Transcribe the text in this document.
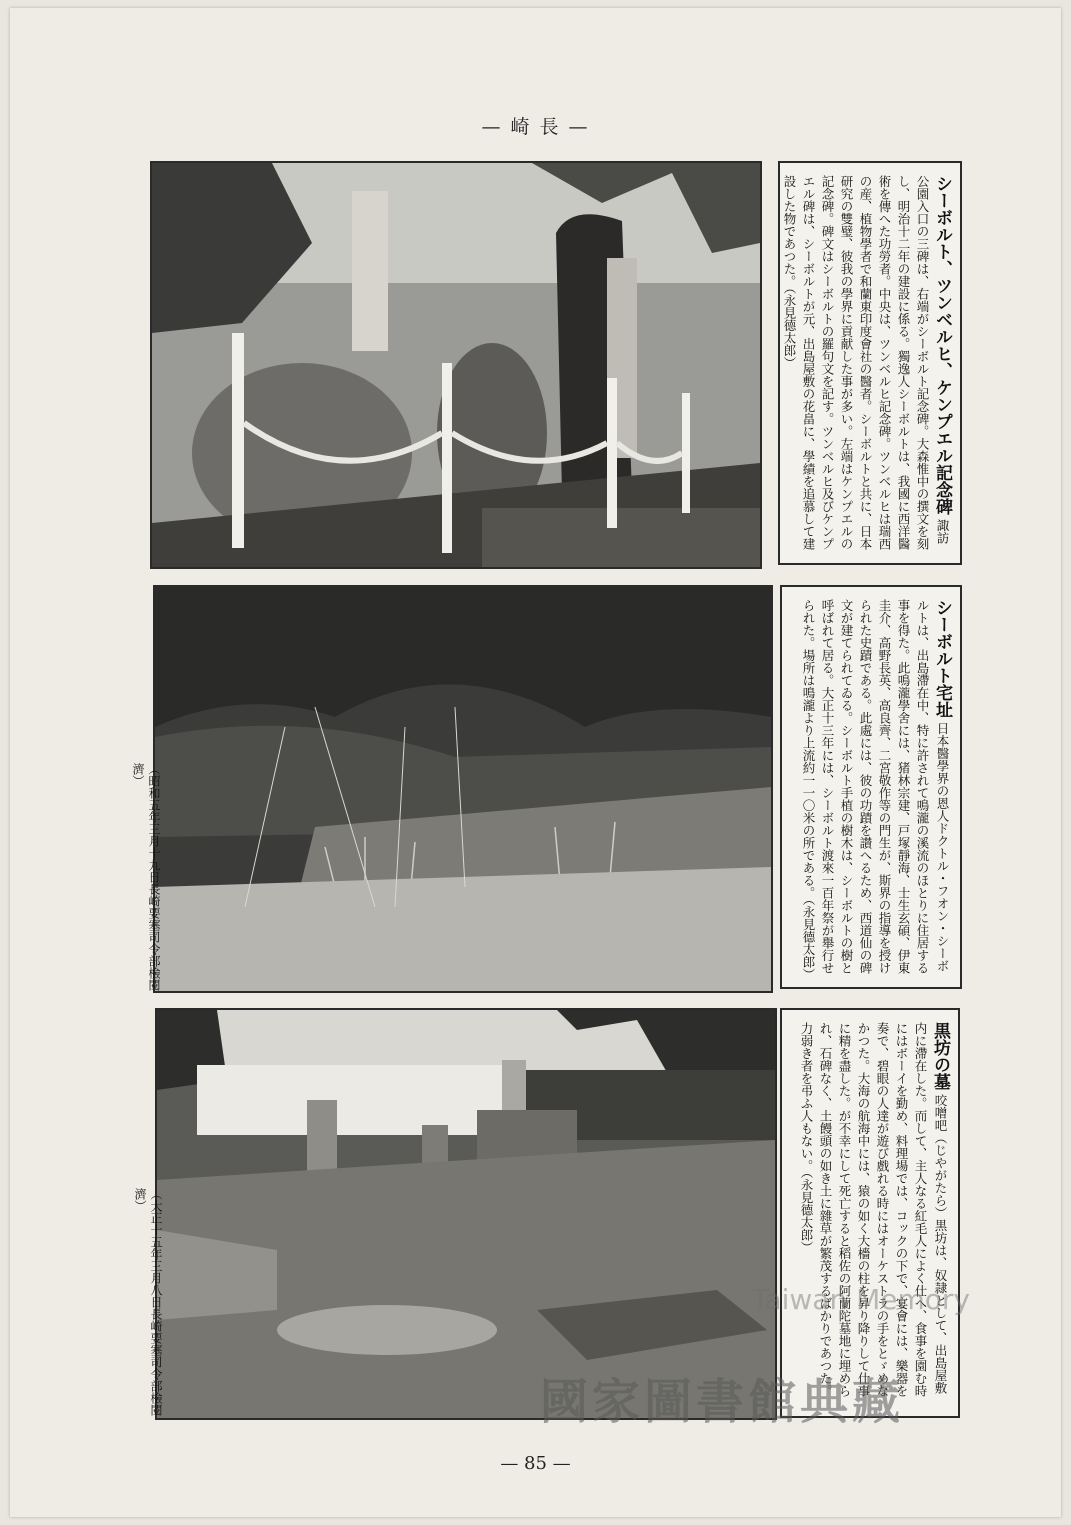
— 崎 長 —
シーボルト、ツンベルヒ、ケンプエル記念碑 諏訪公園入口の三碑は、右端がシーボルト記念碑。大森惟中の撰文を刻し、明治十二年の建設に係る。獨逸人シーボルトは、我國に西洋醫術を傳へた功勞者。中央は、ツンベルヒ記念碑。ツンベルヒは瑞西の産、植物學者で和蘭東印度會社の醫者。シーボルトと共に、日本研究の雙璧、彼我の學界に貢献した事が多い。左端はケンプエルの記念碑。碑文はシーボルトの羅句文を記す。ツンベルヒ及びケンプエル碑は、シーボルトが元、出島屋敷の花畠に、學績を追慕して建設した物であつた。（永見德太郎）
シーボルト宅址 日本醫學界の恩人ドクトル・フオン・シーボルトは、出島滯在中、特に許されて鳴瀧の溪流のほとりに住居する事を得た。此鳴瀧學舍には、猪林宗建、戸塚靜海、士生玄碩、伊東圭介、高野長英、高良齊、二宮敬作等の門生が、斯界の指導を授けられた史蹟である。此處には、彼の功蹟を讃へるため、西道仙の碑文が建てられてゐる。シーボルト手植の樹木は、シーボルトの樹と呼ばれて居る。大正十三年には、シーボルト渡來一百年祭が舉行せられた。場所は鳴瀧より上流約一一〇米の所である。（永見德太郎）
黒坊の墓 咬噌吧（じやがたら）黒坊は、奴隷として、出島屋敷内に滯在した。而して、主人なる紅毛人によく仕へ、食事を園む時にはボーイを勤め、料理場では、コックの下で、宴會には、樂器を奏で、碧眼の人達が遊び戲れる時にはオーケストラの手をとゞめなかつた。大海の航海中には、猿の如く大檣の柱を昇り降りして仕事に精を盡した。が不幸にして死亡すると稻佐の阿蘭陀墓地に埋められ、石碑なく、土饅頭の如き土に雜草が繁茂するばかりであつた。力弱き者を弔ふ人もない。（永見德太郎）
（昭和五年三月十九日長崎要塞司令部檢閱濟）
（大正十五年三月八日長崎要塞司令部檢閱濟）
Taiwan Memory
國家圖書館典藏
— 85 —
